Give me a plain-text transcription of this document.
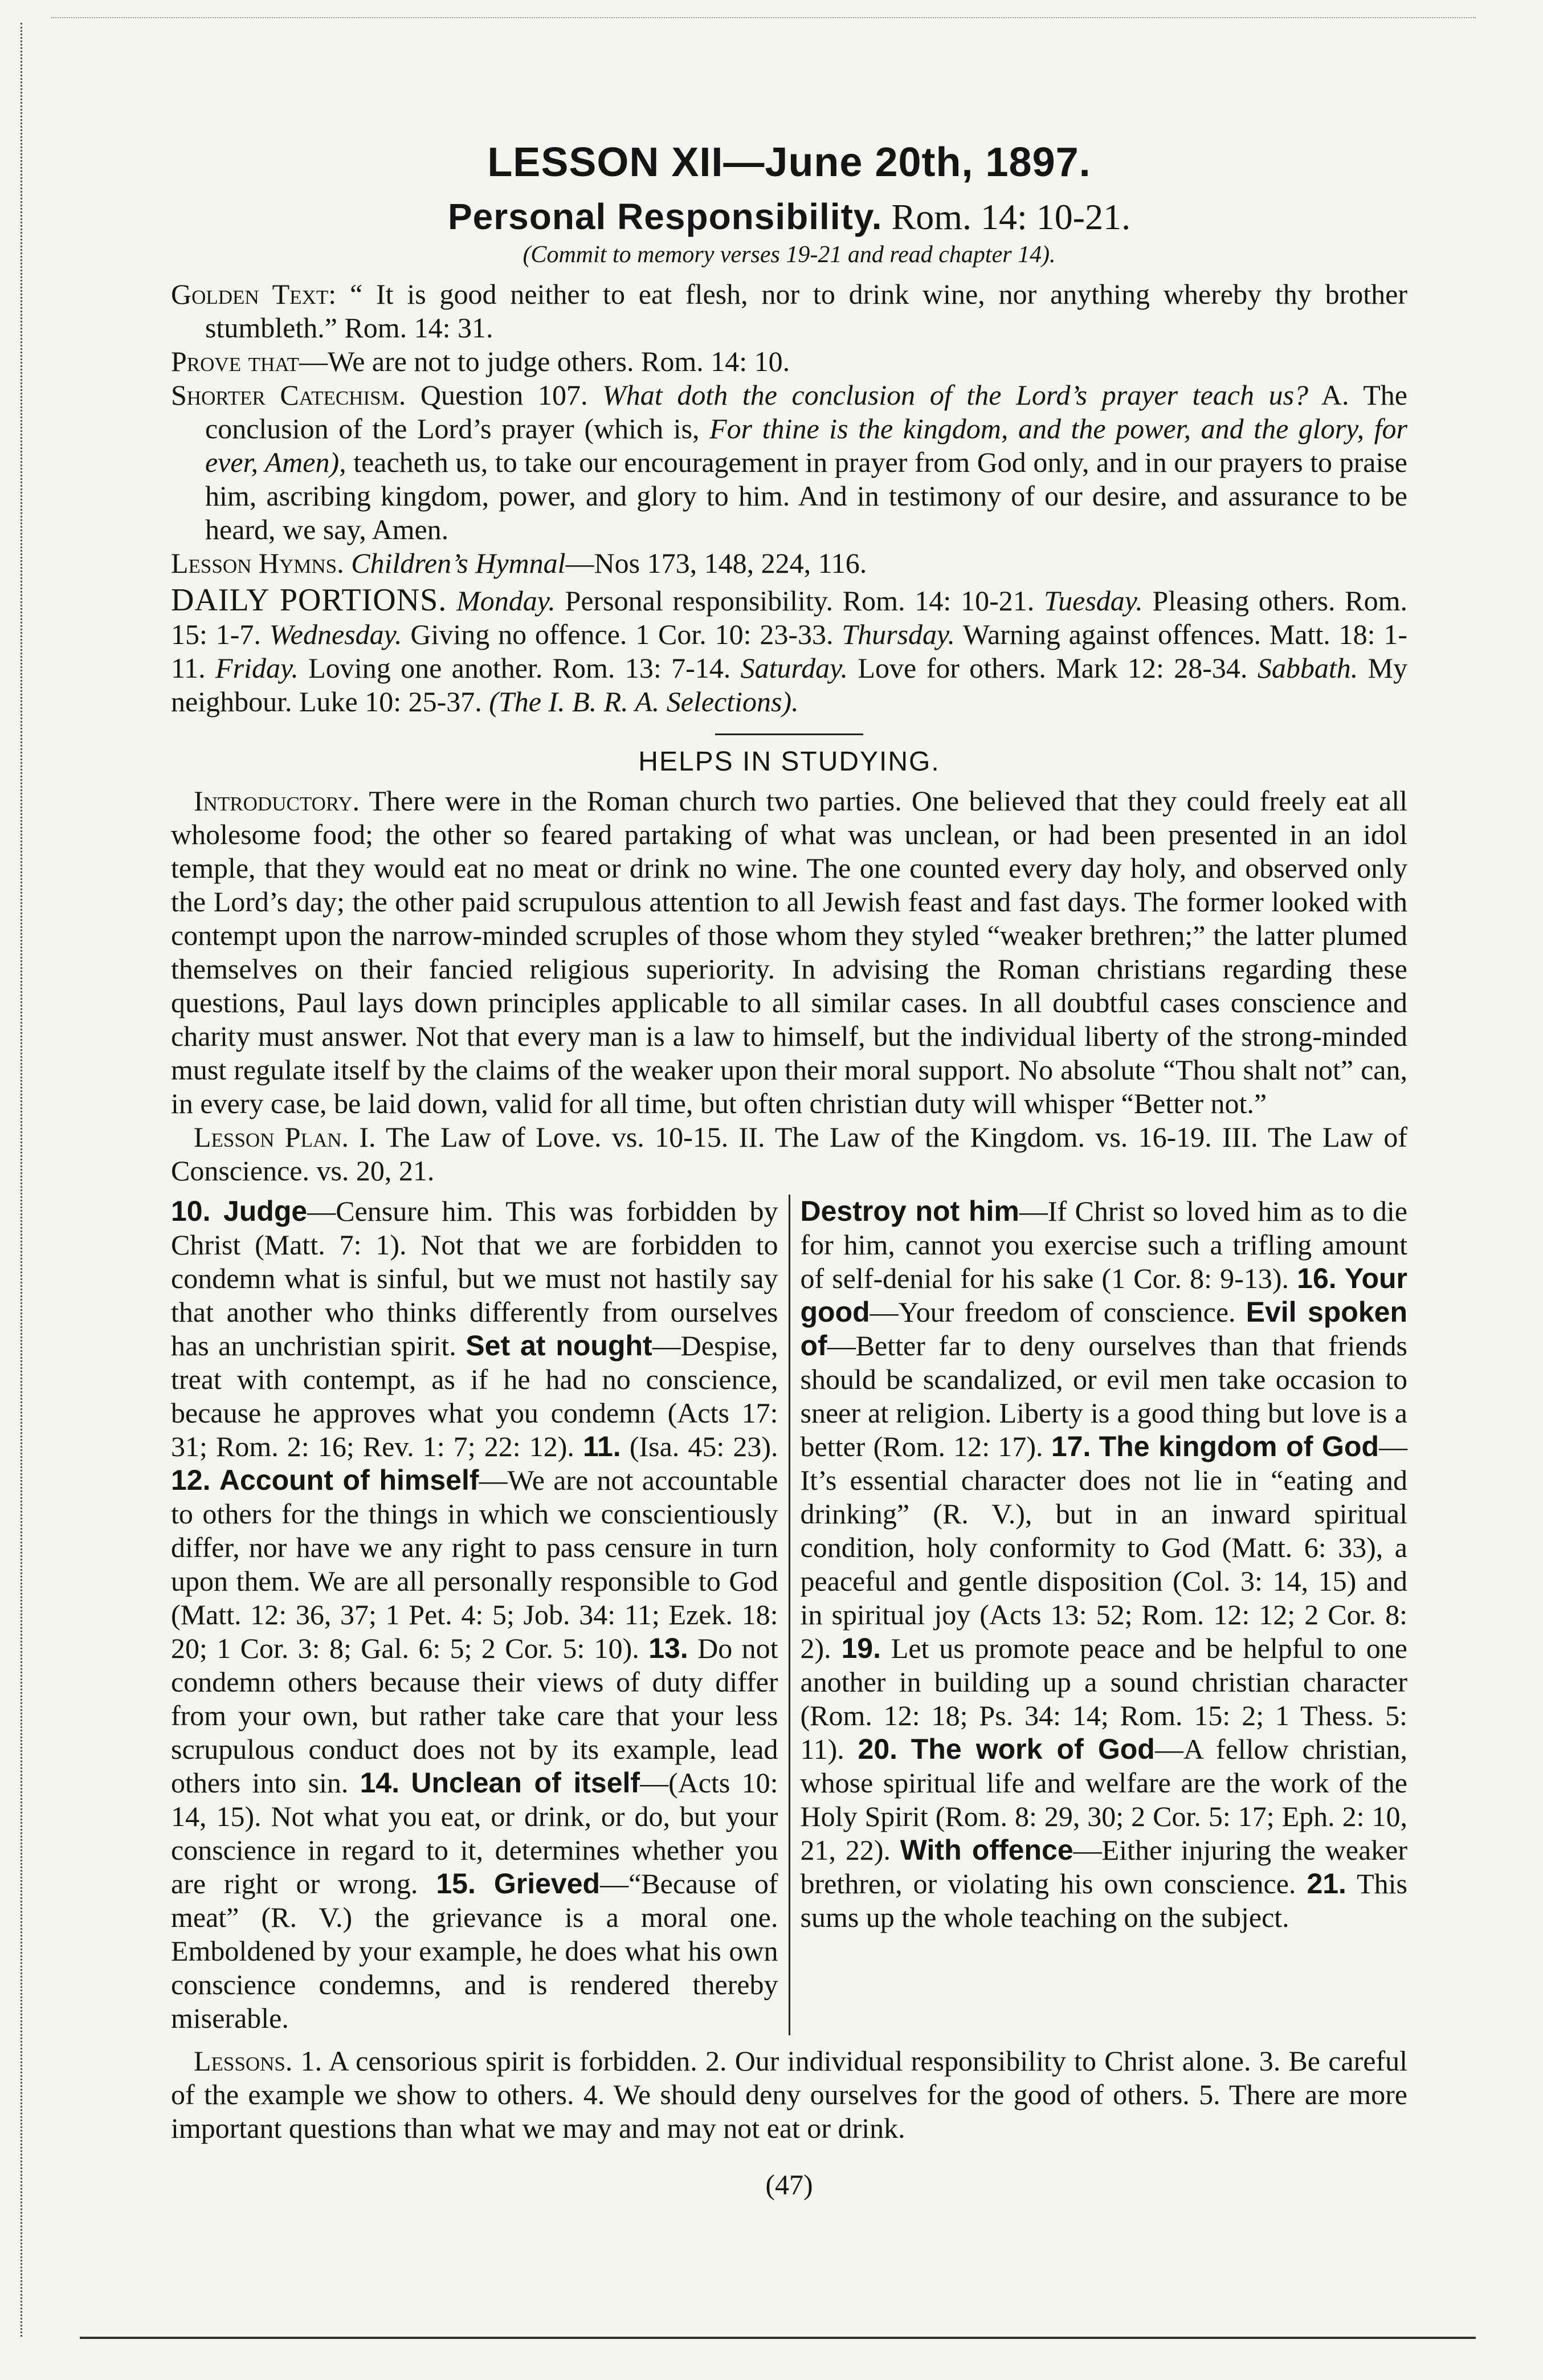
LESSON XII—June 20th, 1897.

Personal Responsibility. Rom. 14: 10-21.

(Commit to memory verses 19-21 and read chapter 14).

Golden Text: “ It is good neither to eat flesh, nor to drink wine, nor anything whereby thy brother stumbleth.” Rom. 14: 31.

Prove that—We are not to judge others. Rom. 14: 10.

Shorter Catechism. Question 107. What doth the conclusion of the Lord’s prayer teach us? A. The conclusion of the Lord’s prayer (which is, For thine is the kingdom, and the power, and the glory, for ever, Amen), teacheth us, to take our encouragement in prayer from God only, and in our prayers to praise him, ascribing kingdom, power, and glory to him. And in testimony of our desire, and assurance to be heard, we say, Amen.

Lesson Hymns. Children’s Hymnal—Nos 173, 148, 224, 116.

DAILY PORTIONS. Monday. Personal responsibility. Rom. 14: 10-21. Tuesday. Pleasing others. Rom. 15: 1-7. Wednesday. Giving no offence. 1 Cor. 10: 23-33. Thursday. Warning against offences. Matt. 18: 1-11. Friday. Loving one another. Rom. 13: 7-14. Saturday. Love for others. Mark 12: 28-34. Sabbath. My neighbour. Luke 10: 25-37. (The I. B. R. A. Selections).

HELPS IN STUDYING.

Introductory. There were in the Roman church two parties. One believed that they could freely eat all wholesome food; the other so feared partaking of what was unclean, or had been presented in an idol temple, that they would eat no meat or drink no wine. The one counted every day holy, and observed only the Lord’s day; the other paid scrupulous attention to all Jewish feast and fast days. The former looked with contempt upon the narrow-minded scruples of those whom they styled “weaker brethren;” the latter plumed themselves on their fancied religious superiority. In advising the Roman christians regarding these questions, Paul lays down principles applicable to all similar cases. In all doubtful cases conscience and charity must answer. Not that every man is a law to himself, but the individual liberty of the strong-minded must regulate itself by the claims of the weaker upon their moral support. No absolute “Thou shalt not” can, in every case, be laid down, valid for all time, but often christian duty will whisper “Better not.”

Lesson Plan. I. The Law of Love. vs. 10-15. II. The Law of the Kingdom. vs. 16-19. III. The Law of Conscience. vs. 20, 21.

10. Judge—Censure him. This was forbidden by Christ (Matt. 7: 1). Not that we are forbidden to condemn what is sinful, but we must not hastily say that another who thinks differently from ourselves has an unchristian spirit. Set at nought—Despise, treat with contempt, as if he had no conscience, because he approves what you condemn (Acts 17: 31; Rom. 2: 16; Rev. 1: 7; 22: 12). 11. (Isa. 45: 23). 12. Account of himself—We are not accountable to others for the things in which we conscientiously differ, nor have we any right to pass censure in turn upon them. We are all personally responsible to God (Matt. 12: 36, 37; 1 Pet. 4: 5; Job. 34: 11; Ezek. 18: 20; 1 Cor. 3: 8; Gal. 6: 5; 2 Cor. 5: 10). 13. Do not condemn others because their views of duty differ from your own, but rather take care that your less scrupulous conduct does not by its example, lead others into sin. 14. Unclean of itself—(Acts 10: 14, 15). Not what you eat, or drink, or do, but your conscience in regard to it, determines whether you are right or wrong. 15. Grieved—“Because of meat” (R. V.) the grievance is a moral one. Emboldened by your example, he does what his own conscience condemns, and is rendered thereby miserable.
Destroy not him—If Christ so loved him as to die for him, cannot you exercise such a trifling amount of self-denial for his sake (1 Cor. 8: 9-13). 16. Your good—Your freedom of conscience. Evil spoken of—Better far to deny ourselves than that friends should be scandalized, or evil men take occasion to sneer at religion. Liberty is a good thing but love is a better (Rom. 12: 17). 17. The kingdom of God—It’s essential character does not lie in “eating and drinking” (R. V.), but in an inward spiritual condition, holy conformity to God (Matt. 6: 33), a peaceful and gentle disposition (Col. 3: 14, 15) and in spiritual joy (Acts 13: 52; Rom. 12: 12; 2 Cor. 8: 2). 19. Let us promote peace and be helpful to one another in building up a sound christian character (Rom. 12: 18; Ps. 34: 14; Rom. 15: 2; 1 Thess. 5: 11). 20. The work of God—A fellow christian, whose spiritual life and welfare are the work of the Holy Spirit (Rom. 8: 29, 30; 2 Cor. 5: 17; Eph. 2: 10, 21, 22). With offence—Either injuring the weaker brethren, or violating his own conscience. 21. This sums up the whole teaching on the subject.

Lessons. 1. A censorious spirit is forbidden. 2. Our individual responsibility to Christ alone. 3. Be careful of the example we show to others. 4. We should deny ourselves for the good of others. 5. There are more important questions than what we may and may not eat or drink.

(47)
